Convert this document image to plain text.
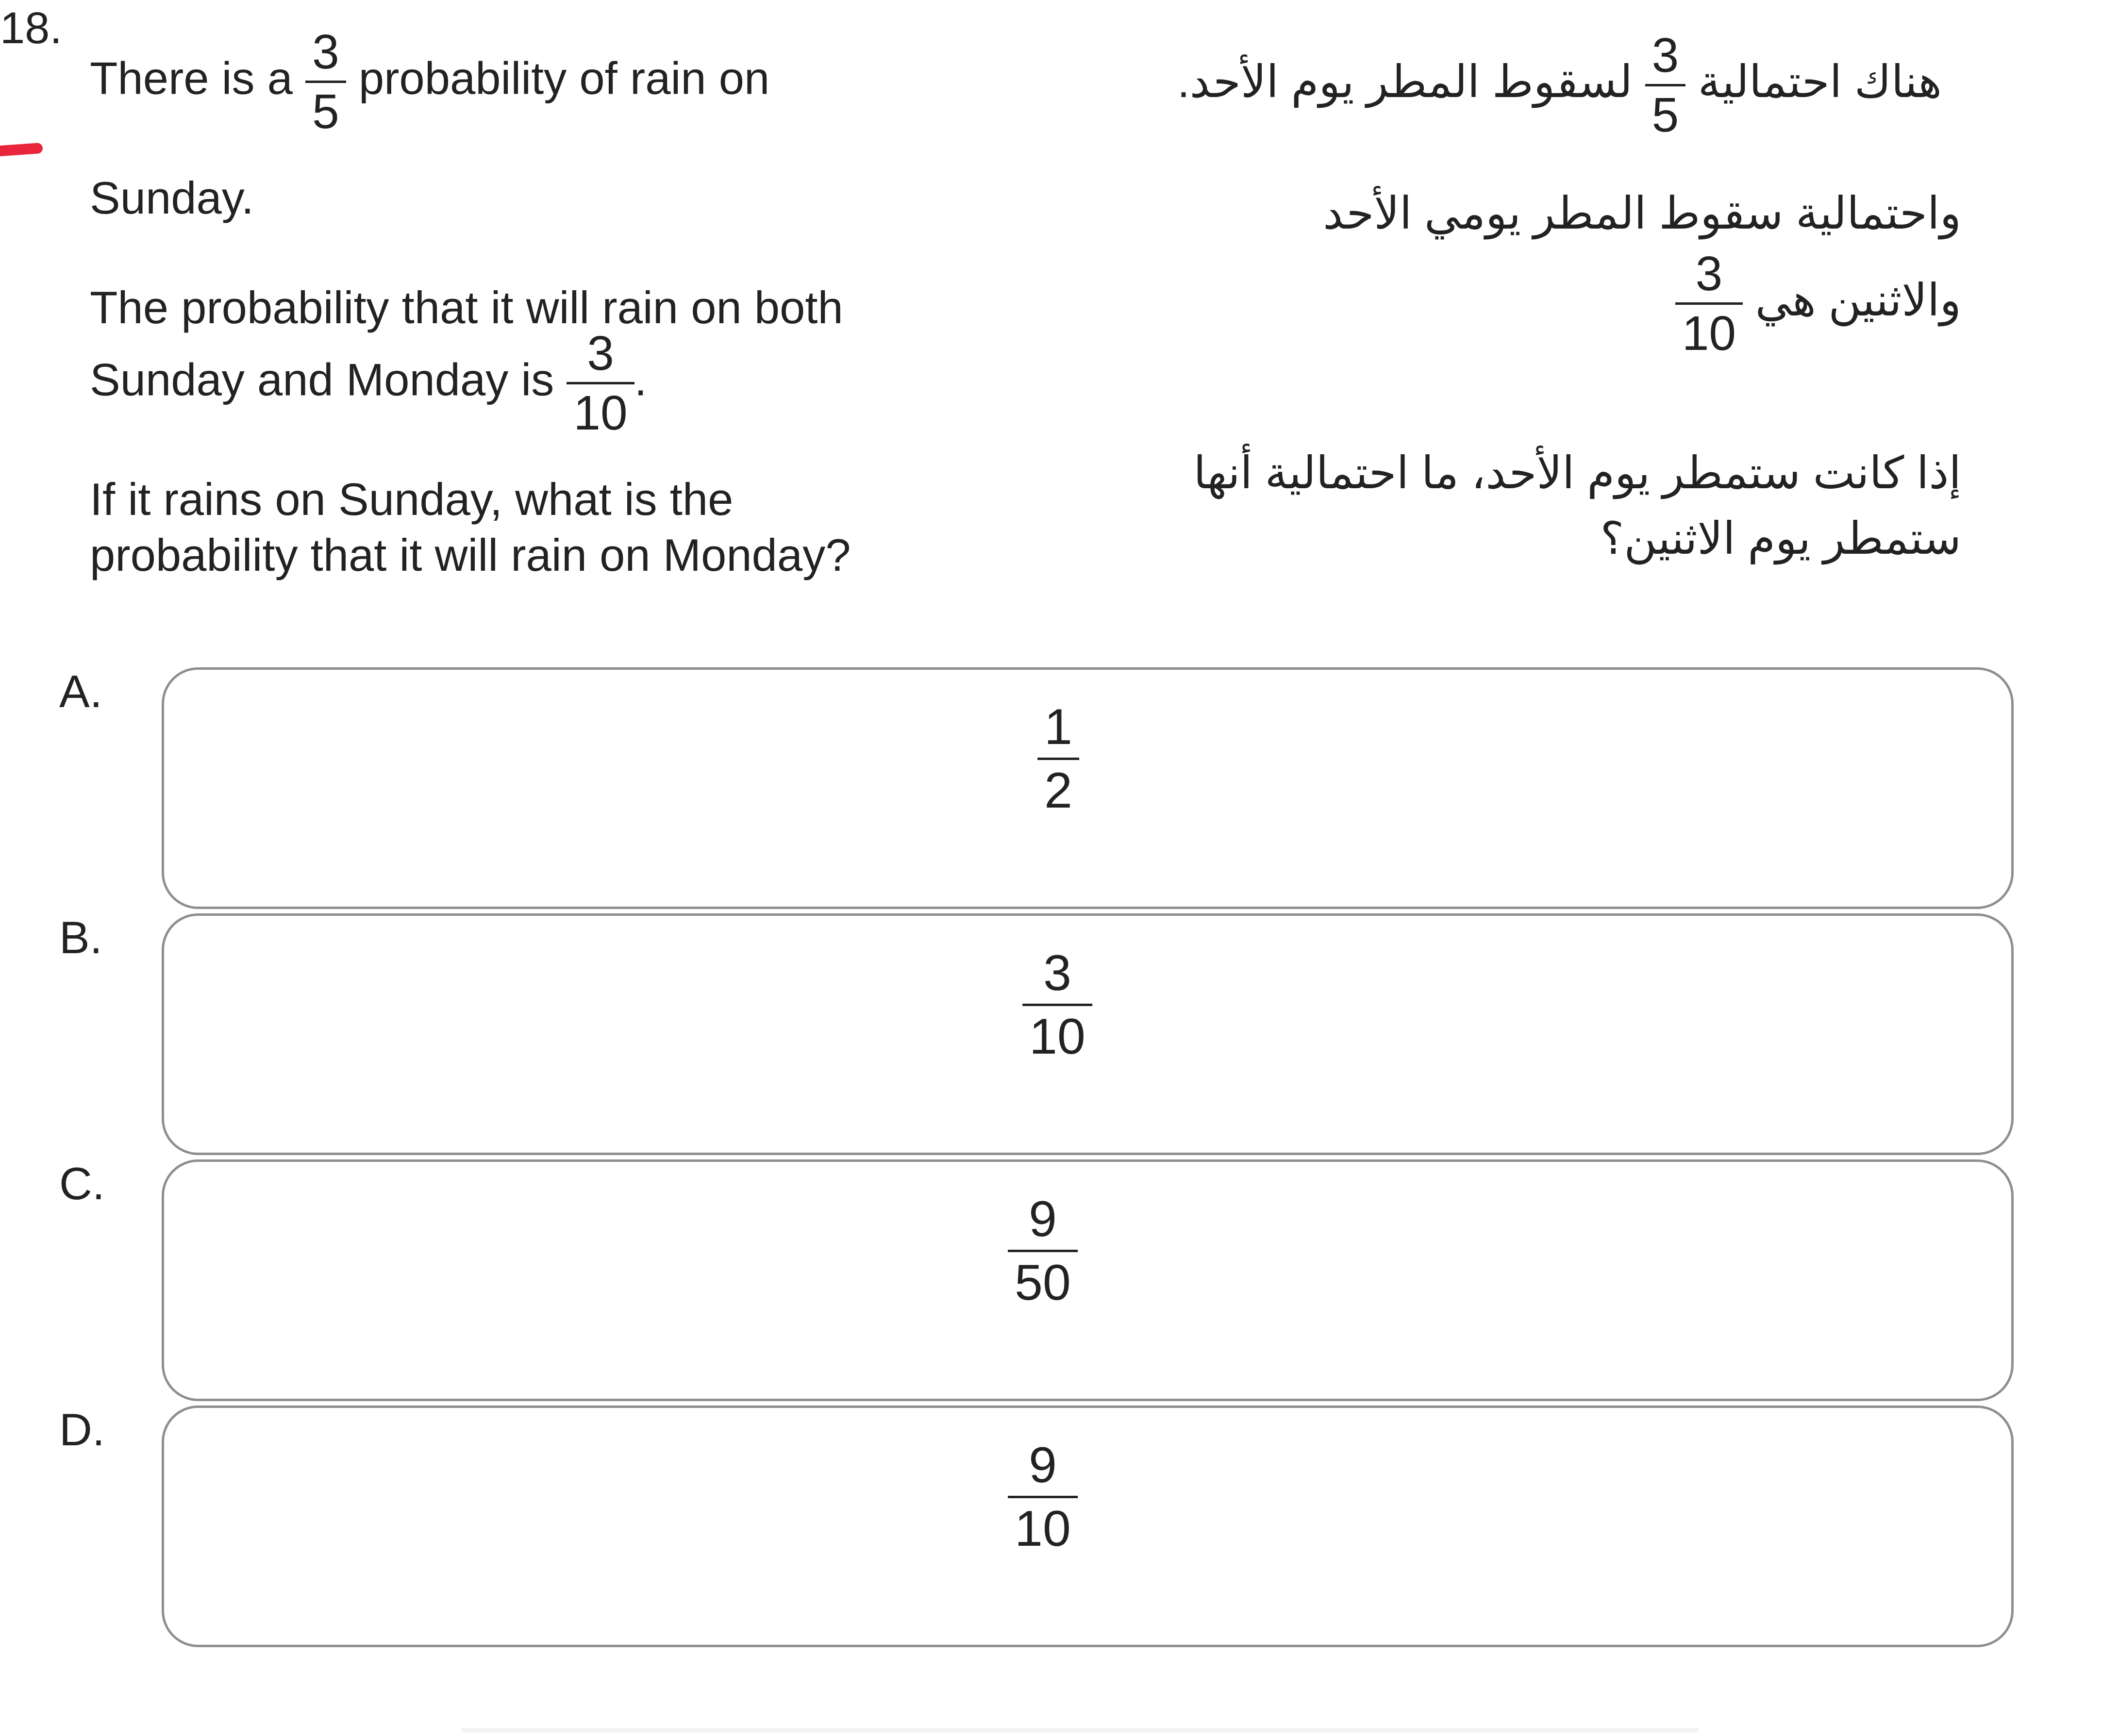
18.
There is a 3
5
probability of rain on
Sunday.
The probability that it will rain on both
Sunday and Monday is 3
10
.
If it rains on Sunday, what is the
probability that it will rain on Monday?
هناك احتمالية
3
5
لسقوط المطر يوم الأحد.
واحتمالية سقوط المطر يومي الأحد
والاثنين هي
3
10
إذا كانت ستمطر يوم الأحد، ما احتمالية أنها
ستمطر يوم الاثنين؟
A.
1
2
B.
3
10
C.
9
50
D.
9
10
